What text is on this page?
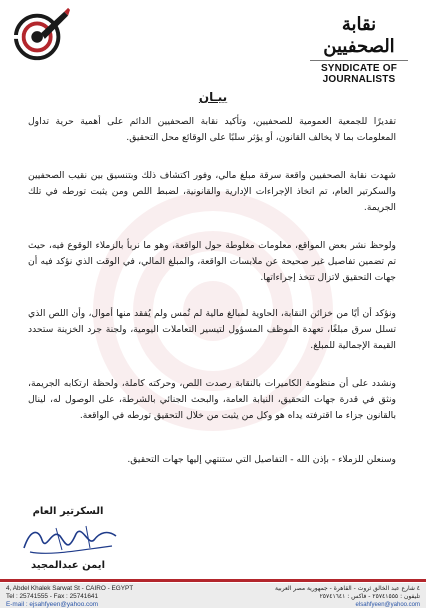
نقابة الصحفيين
SYNDICATE OF JOURNALISTS
بيـان
تقديرًا للجمعية العمومية للصحفيين، وتأكيد نقابة الصحفيين الدائم على أهمية حرية تداول المعلومات بما لا يخالف القانون، أو يؤثر سلبًا على الوقائع محل التحقيق.
شهدت نقابة الصحفيين واقعة سرقة مبلغ مالي، وفور اكتشاف ذلك وبتنسيق بين نقيب الصحفيين والسكرتير العام، تم اتخاذ الإجراءات الإدارية والقانونية، لضبط اللص ومن يثبت تورطه في تلك الجريمة.
ولوحظ نشر بعض المواقع، معلومات مغلوطة حول الواقعة، وهو ما نربأ بالزملاء الوقوع فيه، حيث تم تضمين تفاصيل غير صحيحة عن ملابسات الواقعة، والمبلغ المالي، في الوقت الذي نؤكد فيه أن جهات التحقيق لاتزال تتخذ إجراءاتها.
ونؤكد أن أيًا من خزائن النقابة، الحاوية لمبالغ مالية لم تُمس ولم يُفقد منها أموال، وأن اللص الذي تسلل سرق مبلغًا، تعهدة الموظف المسؤول لتيسير التعاملات اليومية، ولجنة جرد الخزينة ستحدد القيمة الإجمالية للمبلغ.
ونشدد على أن منظومة الكاميرات بالنقابة رصدت اللص، وحركته كاملة، ولحظة ارتكابه الجريمة، ونثق في قدرة جهات التحقيق، النيابة العامة، والبحث الجنائي بالشرطة، على الوصول له، لينال بالقانون جزاء ما اقترفته يداه هو وكل من يثبت من خلال التحقيق تورطه في الواقعة.
وسنعلن للزملاء - بإذن الله - التفاصيل التي ستنتهي إليها جهات التحقيق.
السكرتير العام
ايمن عبدالمجيد
4, Abdel Khalek Sarwat St - CAIRO - EGYPT
Tel : 25741555 - Fax : 25741641
E-mail : ejsahfyeen@yahoo.com
٤ شارع عبد الخالق ثروت - القاهرة - جمهورية مصر العربية
تليفون : ٢٥٧٤١٥٥٥ - فاكس : ٢٥٧٤١٦٤١
elsahfyeen@yahoo.com
